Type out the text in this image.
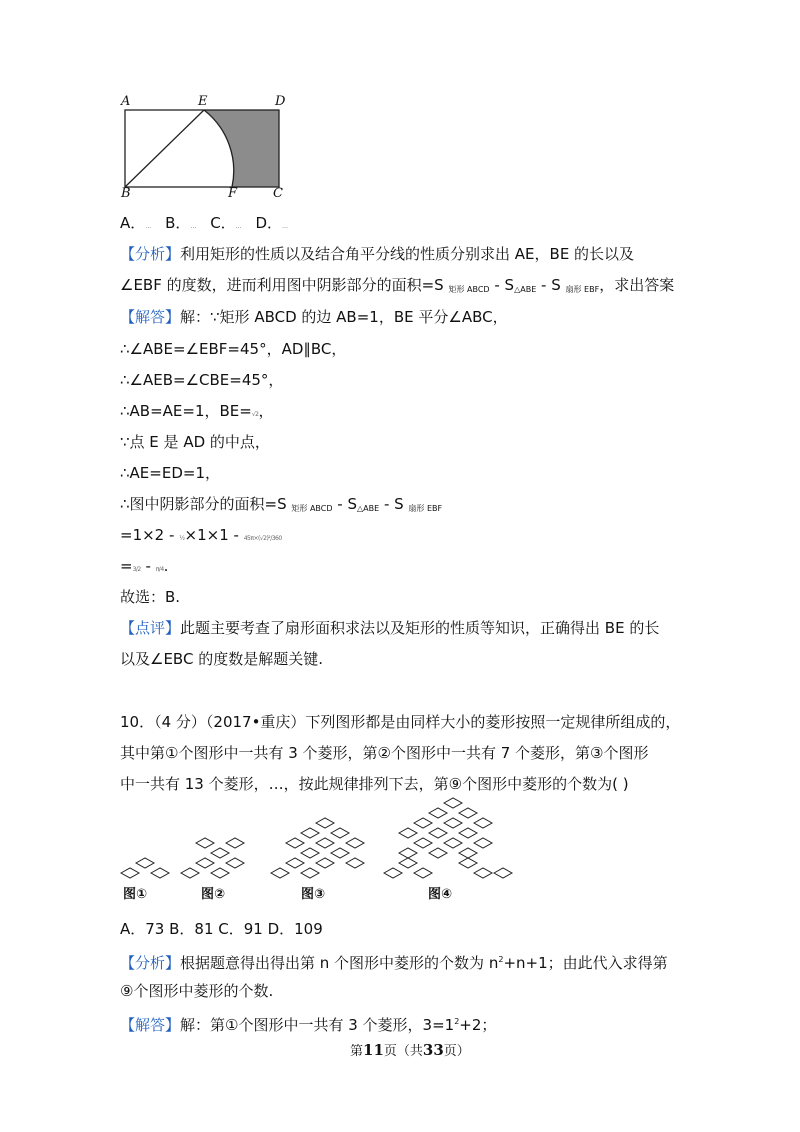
A	E	D
B	F	C
A．… B．… C．… D．…
【分析】利用矩形的性质以及结合角平分线的性质分别求出 AE，BE 的长以及
∠EBF 的度数，进而利用图中阴影部分的面积=S $_{矩形 ABCD} - S_{\triangle ABE}$ - S $_{扇形 EBF}$，求出答案
【解答】解：∵矩形 ABCD 的边 AB=1，BE 平分∠ABC，
∴∠ABE=∠EBF=45°，AD∥BC，
∴∠AEB=∠CBE=45°，
∴AB=AE=1，BE=√2，
∵点 E 是 AD 的中点，
∴AE=ED=1，
∴图中阴影部分的面积=S $_{矩形 ABCD} - S_{\triangle ABE}$ - S $_{扇形 EBF}$
=1×2 - ½×1×1 - 45π×(√2)²/360
=3/2 - π/4.
故选：B.
【点评】此题主要考查了扇形面积求法以及矩形的性质等知识，正确得出 BE 的长
以及∠EBC 的度数是解题关键.
10．（4 分）（2017•重庆）下列图形都是由同样大小的菱形按照一定规律所组成的，
其中第①个图形中一共有 3 个菱形，第②个图形中一共有 7 个菱形，第③个图形
中一共有 13 个菱形，…，按此规律排列下去，第⑨个图形中菱形的个数为( )
图①	图②	图③	图④
A．73 B．81 C．91 D．109
【分析】根据题意得出得出第 n 个图形中菱形的个数为 $n^2+n+1$；由此代入求得第
⑨个图形中菱形的个数.
【解答】解：第①个图形中一共有 3 个菱形，$3=1^2+2$；
第11页（共33页）
